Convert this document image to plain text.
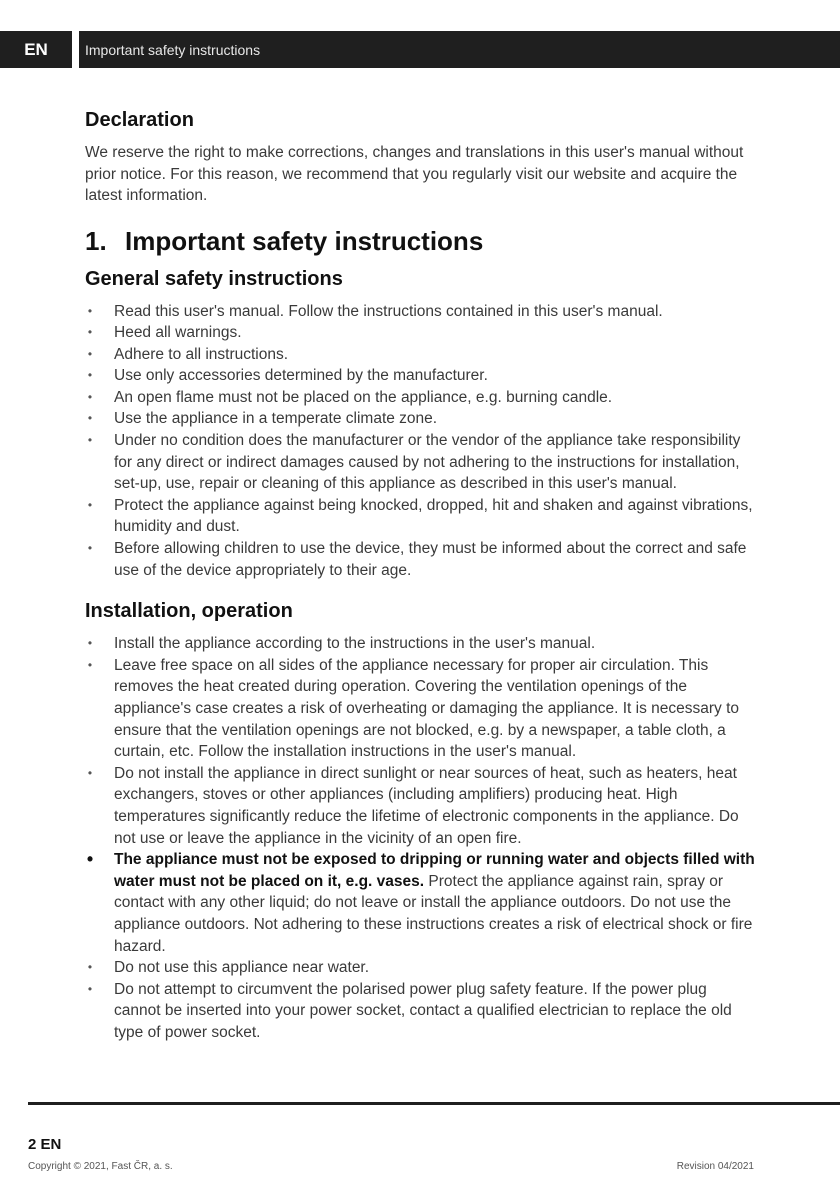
EN	Important safety instructions
Declaration

We reserve the right to make corrections, changes and translations in this user's manual without prior notice. For this reason, we recommend that you regularly visit our website and acquire the latest information.

1. Important safety instructions
General safety instructions
• Read this user's manual. Follow the instructions contained in this user's manual.
• Heed all warnings.
• Adhere to all instructions.
• Use only accessories determined by the manufacturer.
• An open flame must not be placed on the appliance, e.g. burning candle.
• Use the appliance in a temperate climate zone.
• Under no condition does the manufacturer or the vendor of the appliance take responsibility for any direct or indirect damages caused by not adhering to the instructions for installation, set-up, use, repair or cleaning of this appliance as described in this user's manual.
• Protect the appliance against being knocked, dropped, hit and shaken and against vibrations, humidity and dust.
• Before allowing children to use the device, they must be informed about the correct and safe use of the device appropriately to their age.
Installation, operation
• Install the appliance according to the instructions in the user's manual.
• Leave free space on all sides of the appliance necessary for proper air circulation. This removes the heat created during operation. Covering the ventilation openings of the appliance's case creates a risk of overheating or damaging the appliance. It is necessary to ensure that the ventilation openings are not blocked, e.g. by a newspaper, a table cloth, a curtain, etc. Follow the installation instructions in the user's manual.
• Do not install the appliance in direct sunlight or near sources of heat, such as heaters, heat exchangers, stoves or other appliances (including amplifiers) producing heat. High temperatures significantly reduce the lifetime of electronic components in the appliance. Do not use or leave the appliance in the vicinity of an open fire.
• The appliance must not be exposed to dripping or running water and objects filled with water must not be placed on it, e.g. vases. Protect the appliance against rain, spray or contact with any other liquid; do not leave or install the appliance outdoors. Do not use the appliance outdoors. Not adhering to these instructions creates a risk of electrical shock or fire hazard.
• Do not use this appliance near water.
• Do not attempt to circumvent the polarised power plug safety feature. If the power plug cannot be inserted into your power socket, contact a qualified electrician to replace the old type of power socket.
2 EN
Copyright © 2021, Fast ČR, a. s.	Revision 04/2021
